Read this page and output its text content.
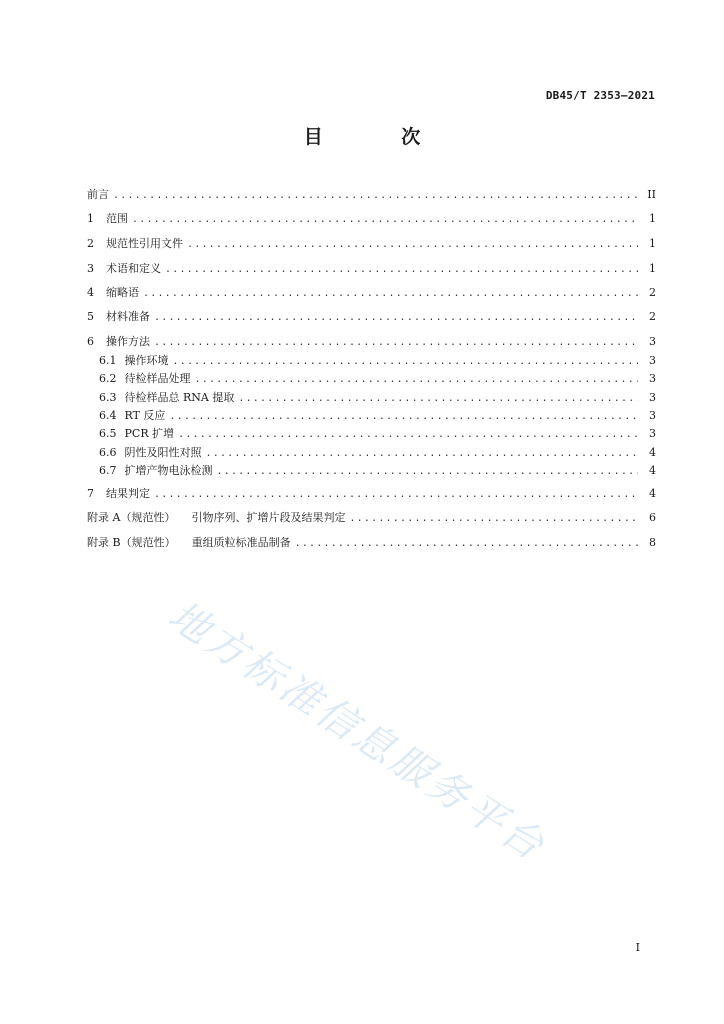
DB45/T 2353—2021
目 次
前言 .....	II
1 范围 .....	1
2 规范性引用文件 .....	1
3 术语和定义 .....	1
4 缩略语 .....	2
5 材料准备 .....	2
6 操作方法 .....	3
6.1 操作环境 .....	3
6.2 待检样品处理 .....	3
6.3 待检样品总 RNA 提取 .....	3
6.4 RT 反应 .....	3
6.5 PCR 扩增 .....	3
6.6 阴性及阳性对照 .....	4
6.7 扩增产物电泳检测 .....	4
7 结果判定 .....	4
附录 A（规范性） 引物序列、扩增片段及结果判定 .....	6
附录 B（规范性） 重组质粒标准品制备 .....	8
地方标准信息服务平台
I
